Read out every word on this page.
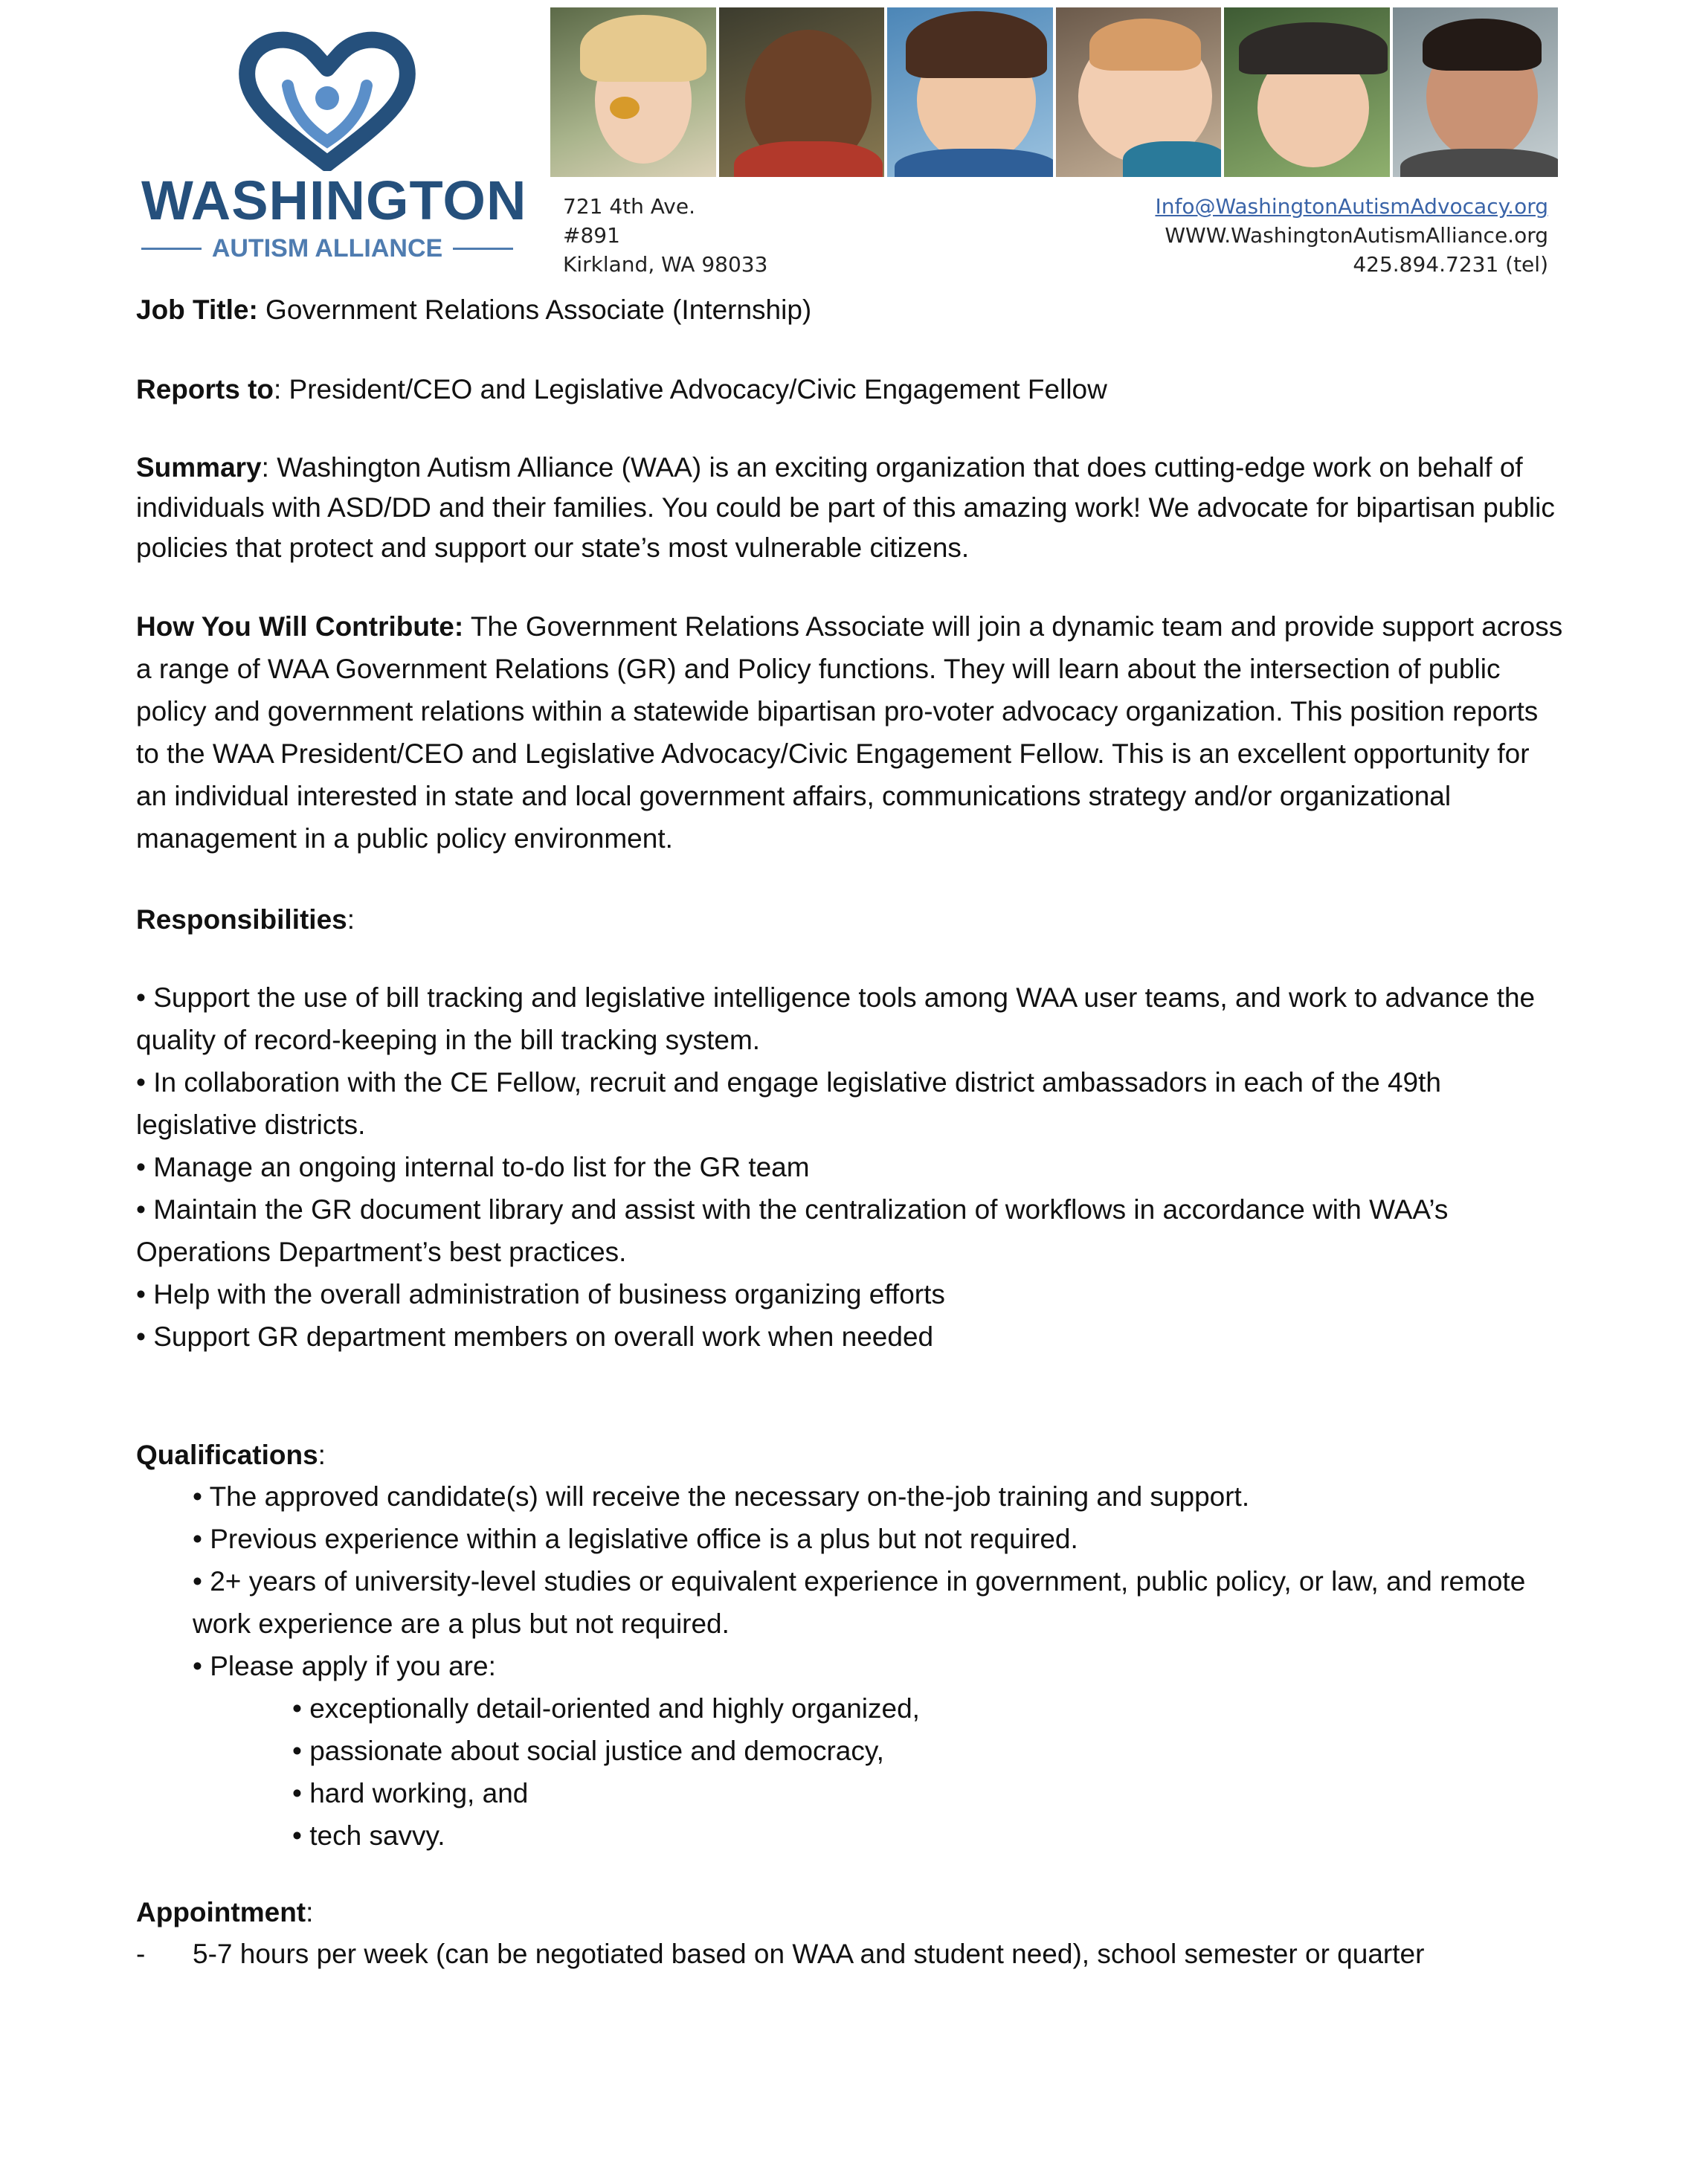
WASHINGTON
AUTISM ALLIANCE
721 4th Ave.
#891
Kirkland, WA 98033
Info@WashingtonAutismAdvocacy.org
WWW.WashingtonAutismAlliance.org
425.894.7231 (tel)

Job Title: Government Relations Associate (Internship)

Reports to: President/CEO and Legislative Advocacy/Civic Engagement Fellow

Summary: Washington Autism Alliance (WAA) is an exciting organization that does cutting-edge work on behalf of individuals with ASD/DD and their families. You could be part of this amazing work! We advocate for bipartisan public policies that protect and support our state’s most vulnerable citizens.

How You Will Contribute: The Government Relations Associate will join a dynamic team and provide support across a range of WAA Government Relations (GR) and Policy functions. They will learn about the intersection of public policy and government relations within a statewide bipartisan pro-voter advocacy organization. This position reports to the WAA President/CEO and Legislative Advocacy/Civic Engagement Fellow. This is an excellent opportunity for an individual interested in state and local government affairs, communications strategy and/or organizational management in a public policy environment.

Responsibilities:

• Support the use of bill tracking and legislative intelligence tools among WAA user teams, and work to advance the quality of record-keeping in the bill tracking system.

• In collaboration with the CE Fellow, recruit and engage legislative district ambassadors in each of the 49th legislative districts.

• Manage an ongoing internal to-do list for the GR team

• Maintain the GR document library and assist with the centralization of workflows in accordance with WAA’s Operations Department’s best practices.

• Help with the overall administration of business organizing efforts

• Support GR department members on overall work when needed

Qualifications:

• The approved candidate(s) will receive the necessary on-the-job training and support.

• Previous experience within a legislative office is a plus but not required.

• 2+ years of university-level studies or equivalent experience in government, public policy, or law, and remote work experience are a plus but not required.

• Please apply if you are:

• exceptionally detail-oriented and highly organized,

• passionate about social justice and democracy,

• hard working, and

• tech savvy.

Appointment:

-	5-7 hours per week (can be negotiated based on WAA and student need), school semester or quarter
